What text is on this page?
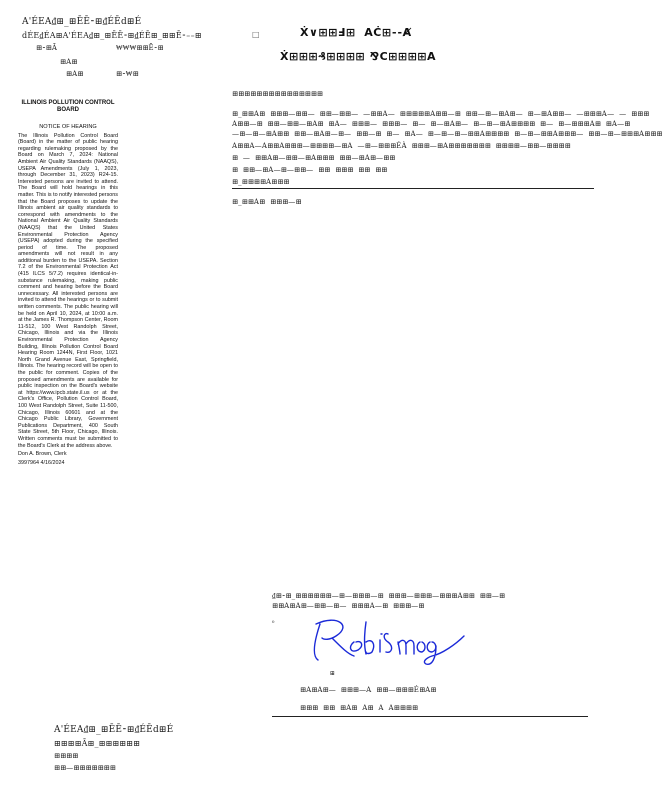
A'ÉEA₫⊞_⊞ĒĒ⁃⊞₫ÉĒd⊞É
dÉE₫ÉA⊞A'ÉEA₫⊞_⊞ĒĒ⁃⊞₫ÉĒ⊞_⊞⊞Ē⁃₌₌⊞
⊞⁃⊞Ā	₩₩₩⊞⊞Ē⁃⊞
⊞A⊞
⊞A⊞	⊞⁃₩⊞
ILLINOIS POLLUTION CONTROL BOARD
NOTICE OF HEARING
The Illinois Pollution Control Board (Board) in the matter of public hearing regarding rulemaking proposed by the Board on March 7, 2024: National Ambient Air Quality Standards (NAAQS), USEPA Amendments (July 1, 2023, through December 31, 2023) R24-15. Interested persons are invited to attend. The Board will hold hearings in this matter. This is to notify interested persons that the Board proposes to update the Illinois ambient air quality standards to correspond with amendments to the National Ambient Air Quality Standards (NAAQS) that the United States Environmental Protection Agency (USEPA) adopted during the specified period of time. The proposed amendments will not result in any additional burden to the USEPA. Section 7.2 of the Environmental Protection Act (415 ILCS 5/7.2) requires identical-in-substance rulemaking, making public comment and hearing before the Board unnecessary. All interested persons are invited to attend the hearings or to submit written comments. The public hearing will be held on April 10, 2024, at 10:00 a.m. at the James R. Thompson Center, Room 11-512, 100 West Randolph Street, Chicago, Illinois and via the Illinois Environmental Protection Agency Building, Illinois Pollution Control Board Hearing Room 1244N, First Floor, 1021 North Grand Avenue East, Springfield, Illinois. The hearing record will be open to the public for comment. Copies of the proposed amendments are available for public inspection on the Board's website at https://www.ipcb.state.il.us or at the Clerk's Office, Pollution Control Board, 100 West Randolph Street, Suite 11-500, Chicago, Illinois 60601 and at the Chicago Public Library, Government Publications Department, 400 South State Street, 5th Floor, Chicago, Illinois. Written comments must be submitted to the Board's Clerk at the address above.
Don A. Brown, Clerk
3997964 4/16/2024
□	Ẋ∨⊞⊞Ⅎ⊞  AĊ⊞⁃‐Ⱥ
Ẋ⊞⊞⊞₰⊞⊞⊞⊞ ⅋C⊞⊞⊞⊞A
⊞⊞⊞⊞⊞⊞⊞⊞⊞⊞⊞⊞⊞⊞⊞
⊞_⊞⊞A⊞  ⊞⊞⊞—⊞⊞—  ⊞⊞—⊞⊞—  —⊞⊞A—  ⊞⊞⊞⊞⊞A⊞⊞—⊞  ⊞⊞—⊞—⊞A⊞—  ⊞—⊞A⊞⊞—  —⊞⊞⊞A—  —  ⊞⊞⊞
A⊞⊞—⊞  ⊞⊞—⊞⊞—⊞A⊞  ⊞A—  ⊞⊞⊞—  ⊞⊞⊞—  ⊞—  ⊞—⊞A⊞—  ⊞—⊞—⊞A⊞⊞⊞⊞  ⊞—  ⊞—⊞⊞⊞A⊞  ⊞A—⊞
—⊞—⊞—⊞A⊞⊞  ⊞⊞—⊞A⊞—⊞—  ⊞⊞—⊞  ⊞—  ⊞A—  ⊞—⊞—⊞—⊞⊞A⊞⊞⊞⊞  ⊞—⊞—⊞⊞A⊞⊞⊞—  ⊞⊞—⊞—⊞⊞⊞A⊞⊞⊞
A⊞⊞A—A⊞⊞A⊞⊞⊞—⊞⊞⊞⊞—⊞A  —⊞—⊞⊞⊞ÉÀ  ⊞⊞⊞—⊞A⊞⊞⊞⊞⊞⊞⊞  ⊞⊞⊞⊞—⊞⊞—⊞⊞⊞⊞
⊞  —  ⊞⊞A⊞—⊞⊞—⊞A⊞⊞⊞  ⊞⊞—⊞A⊞—⊞⊞
⊞  ⊞⊞—⊞A—⊞—⊞⊞—  ⊞⊞  ⊞⊞⊞  ⊞⊞  ⊞⊞
⊞_⊞⊞⊞⊞A⊞⊞⊞
⊞_⊞⊞A⊞  ⊞⊞⊞—⊞
₫⊞⁃⊞_⊞⊞⊞⊞⊞⊞—⊞—⊞⊞⊞—⊞  ⊞⊞⊞—⊞⊞⊞—⊞⊞⊞A⊞⊞  ⊞⊞—⊞
⊞⊞A⊞A⊞—⊞⊞—⊞—  ⊞⊞⊞A—⊞  ⊞⊞⊞—⊞
₀
⊞
⊞A⊞A⊞—  ⊞⊞⊞—A  ⊞⊞—⊞⊞⊞É⊞A⊞
⊞⊞⊞  ⊞⊞  ⊞A⊞  A⊞  A  A⊞⊞⊞⊞
A'ÉEA₫⊞_⊞ĒĒ⁃⊞₫ÉĒd⊞É
⊞⊞⊞⊞Ā⊞_⊞⊞⊞⊞⊞⊞
⊞⊞⊞⊞
⊞⊞—⊞⊞⊞⊞⊞⊞⊞
